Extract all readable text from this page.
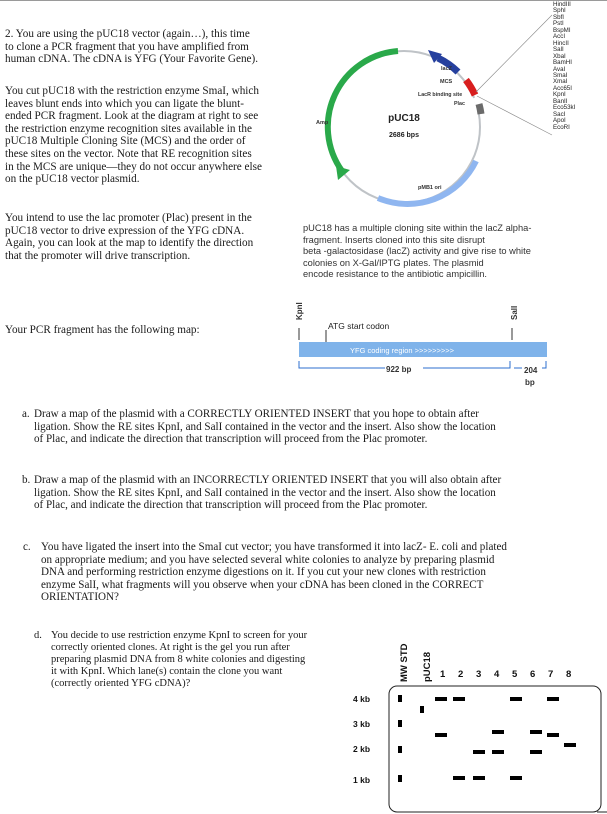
2. You are using the pUC18 vector (again…), this time
to clone a PCR fragment that you have amplified from
human cDNA. The cDNA is YFG (Your Favorite Gene).
You cut pUC18 with the restriction enzyme SmaI, which
leaves blunt ends into which you can ligate the blunt-
ended PCR fragment. Look at the diagram at right to see
the restriction enzyme recognition sites available in the
pUC18 Multiple Cloning Site (MCS) and the order of
these sites on the vector. Note that RE recognition sites
in the MCS are unique—they do not occur anywhere else
on the pUC18 vector plasmid.
You intend to use the lac promoter (Plac) present in the
pUC18 vector to drive expression of the YFG cDNA.
Again, you can look at the map to identify the direction
that the promoter will drive transcription.
Your PCR fragment has the following map:
pUC18
2686 bps
Amp
lacZ
MCS
LacR binding site
Plac
pMB1 ori
HindIII
SphI
SbfI
PstI
BspMI
AccI
HincII
SalI
XbaI
BamHI
AvaI
SmaI
XmaI
Acc65I
KpnI
BanII
Eco53kI
SacI
ApoI
EcoRI
pUC18 has a multiple cloning site within the lacZ alpha-
fragment. Inserts cloned into this site disrupt
beta -galactosidase (lacZ) activity and give rise to white
colonies on X-Gal/IPTG plates. The plasmid
encode resistance to the antibiotic ampicillin.
KpnI	SalI
ATG start codon
YFG coding region >>>>>>>>>
922 bp	204
bp
a. Draw a map of the plasmid with a CORRECTLY ORIENTED INSERT that you hope to obtain after
ligation. Show the RE sites KpnI, and SalI contained in the vector and the insert. Also show the location
of Plac, and indicate the direction that transcription will proceed from the Plac promoter.
b. Draw a map of the plasmid with an INCORRECTLY ORIENTED INSERT that you will also obtain after
ligation. Show the RE sites KpnI, and SalI contained in the vector and the insert. Also show the location
of Plac, and indicate the direction that transcription will proceed from the Plac promoter.
c. You have ligated the insert into the SmaI cut vector; you have transformed it into lacZ- E. coli and plated
on appropriate medium; and you have selected several white colonies to analyze by preparing plasmid
DNA and performing restriction enzyme digestions on it. If you cut your new clones with restriction
enzyme SalI, what fragments will you observe when your cDNA has been cloned in the CORRECT
ORIENTATION?
d. You decide to use restriction enzyme KpnI to screen for your
correctly oriented clones. At right is the gel you run after
preparing plasmid DNA from 8 white colonies and digesting
it with KpnI. Which lane(s) contain the clone you want
(correctly oriented YFG cDNA)?
MW STD pUC18 1 2 3 4 5 6 7 8
4 kb
3 kb
2 kb
1 kb
